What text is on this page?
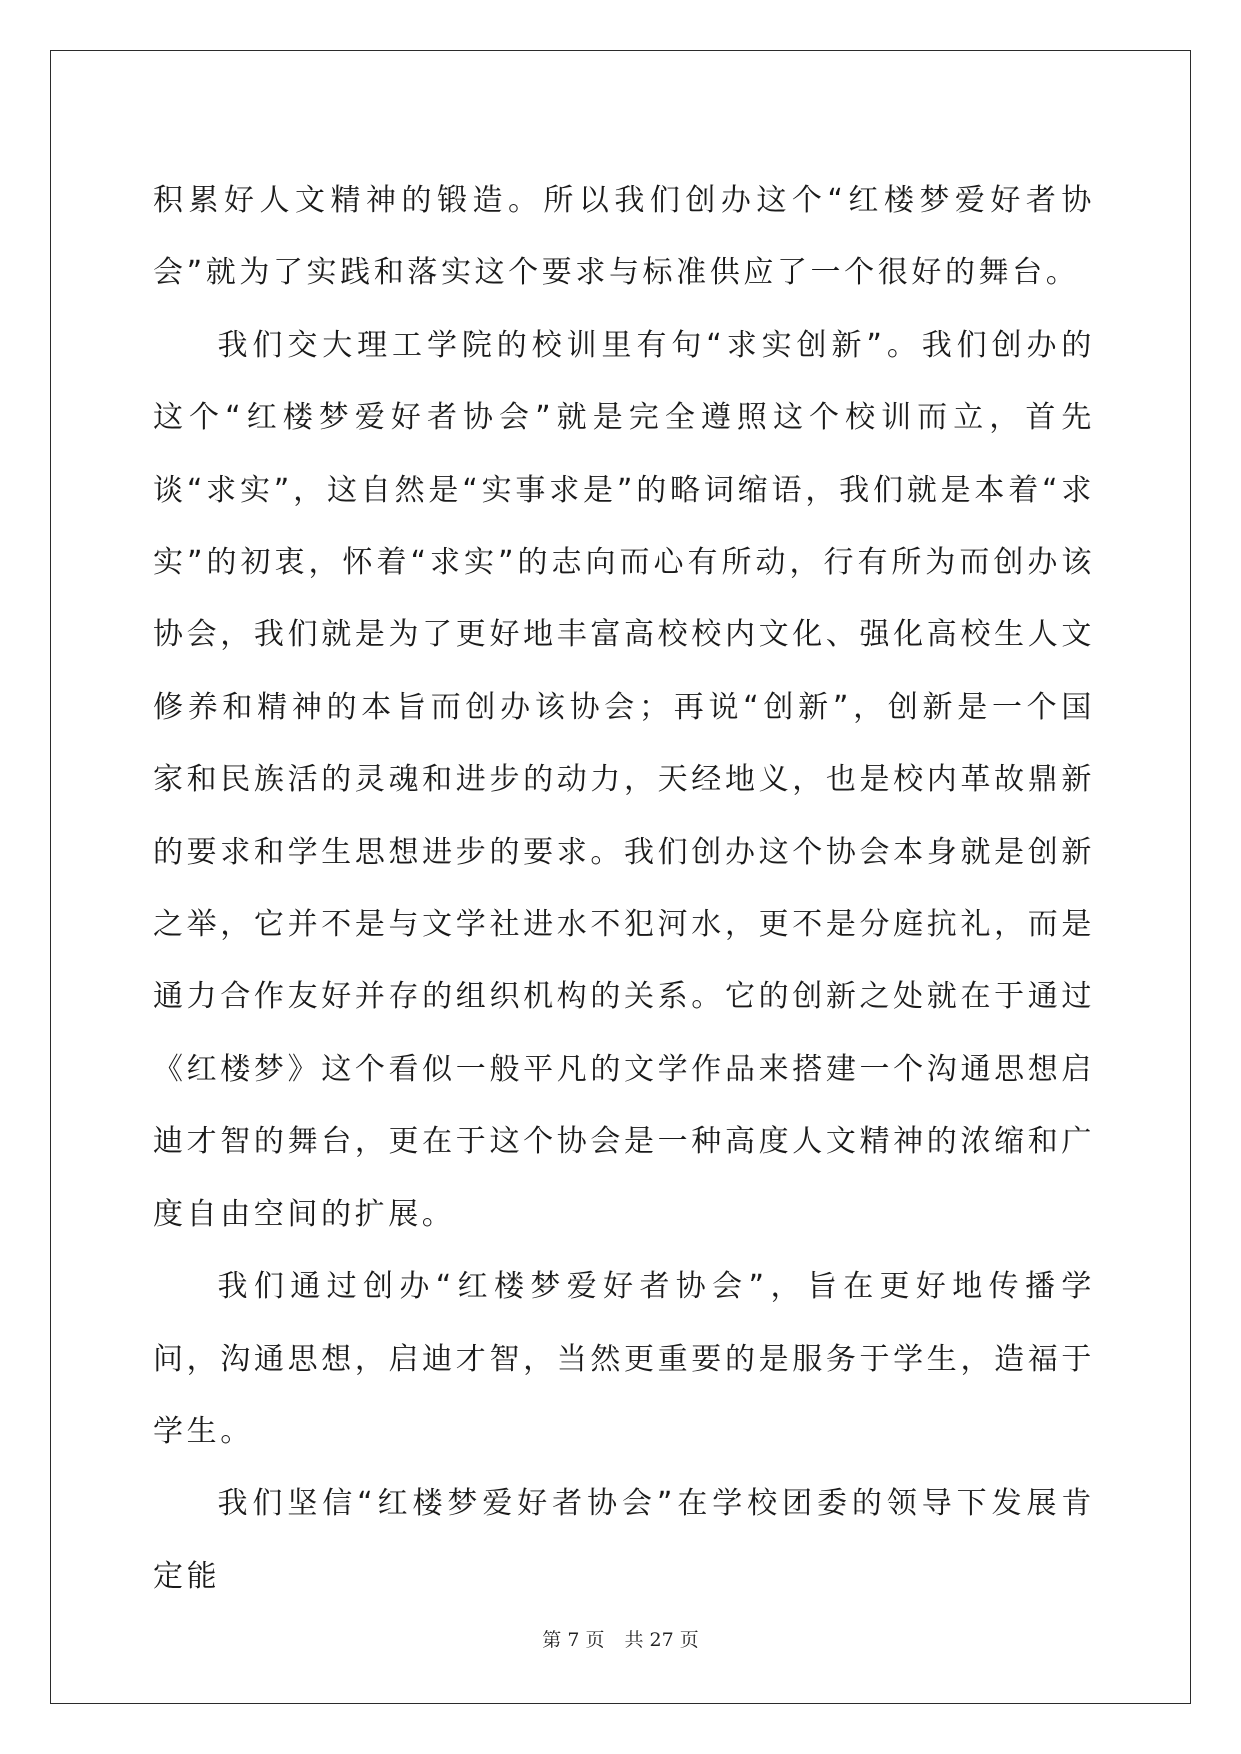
积累好人文精神的锻造。所以我们创办这个“红楼梦爱好者协会”就为了实践和落实这个要求与标准供应了一个很好的舞台。

我们交大理工学院的校训里有句“求实创新”。我们创办的这个“红楼梦爱好者协会”就是完全遵照这个校训而立，首先谈“求实”，这自然是“实事求是”的略词缩语，我们就是本着“求实”的初衷，怀着“求实”的志向而心有所动，行有所为而创办该协会，我们就是为了更好地丰富高校校内文化、强化高校生人文修养和精神的本旨而创办该协会；再说“创新”，创新是一个国家和民族活的灵魂和进步的动力，天经地义，也是校内革故鼎新的要求和学生思想进步的要求。我们创办这个协会本身就是创新之举，它并不是与文学社进水不犯河水，更不是分庭抗礼，而是通力合作友好并存的组织机构的关系。它的创新之处就在于通过《红楼梦》这个看似一般平凡的文学作品来搭建一个沟通思想启迪才智的舞台，更在于这个协会是一种高度人文精神的浓缩和广度自由空间的扩展。

我们通过创办“红楼梦爱好者协会”，旨在更好地传播学问，沟通思想，启迪才智，当然更重要的是服务于学生，造福于学生。

我们坚信“红楼梦爱好者协会”在学校团委的领导下发展肯定能

第 7 页 共 27 页
